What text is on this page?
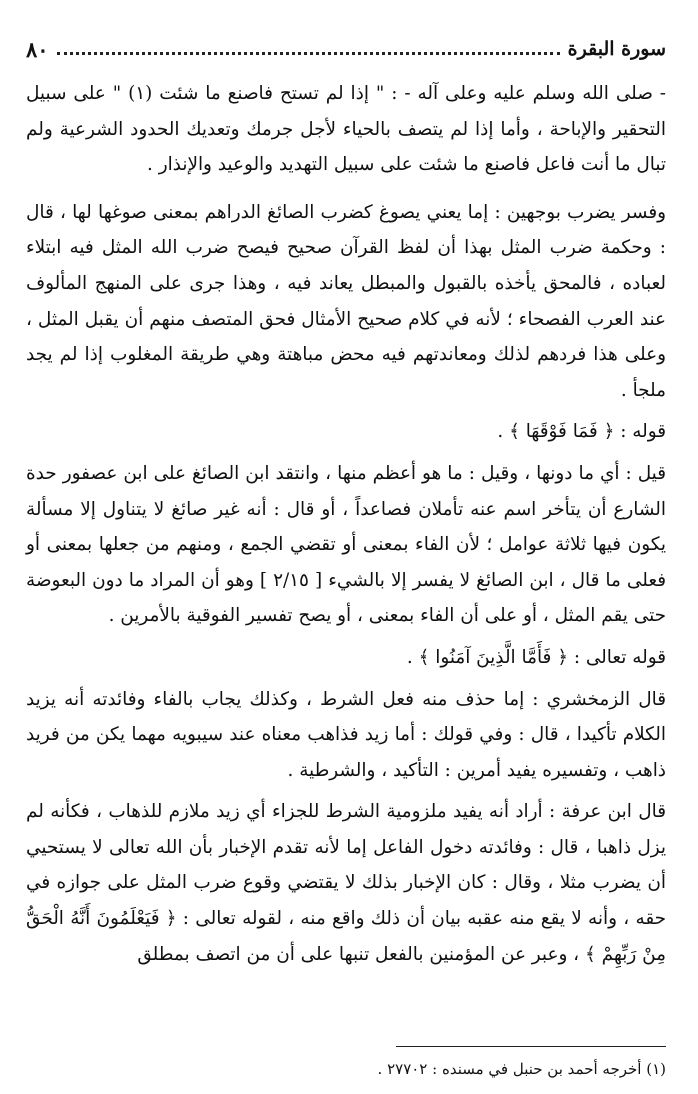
سورة البقرة
٨٠

- صلى الله وسلم عليه وعلى آله - : " إذا لم تستح فاصنع ما شئت (١) " على سبيل التحقير والإباحة ، وأما إذا لم يتصف بالحياء لأجل جرمك وتعديك الحدود الشرعية ولم تبال ما أنت فاعل فاصنع ما شئت على سبيل التهديد والوعيد والإنذار .

وفسر يضرب بوجهين : إما يعني يصوغ كضرب الصائغ الدراهم بمعنى صوغها لها ، قال : وحكمة ضرب المثل بهذا أن لفظ القرآن صحيح فيصح ضرب الله المثل فيه ابتلاء لعباده ، فالمحق يأخذه بالقبول والمبطل يعاند فيه ، وهذا جرى على المنهج المألوف عند العرب الفصحاء ؛ لأنه في كلام صحيح الأمثال فحق المتصف منهم أن يقبل المثل ، وعلى هذا فردهم لذلك ومعاندتهم فيه محض مباهتة وهي طريقة المغلوب إذا لم يجد ملجأ .

قوله : ﴿ فَمَا فَوْقَهَا ﴾ .

قيل : أي ما دونها ، وقيل : ما هو أعظم منها ، وانتقد ابن الصائغ على ابن عصفور حدة الشارع أن يتأخر اسم عنه تأملان فصاعداً ، أو قال : أنه غير صائغ لا يتناول إلا مسألة يكون فيها ثلاثة عوامل ؛ لأن الفاء بمعنى أو تقضي الجمع ، ومنهم من جعلها بمعنى أو فعلى ما قال ، ابن الصائغ لا يفسر إلا بالشيء [ ٢/١٥ ] وهو أن المراد ما دون البعوضة حتى يقم المثل ، أو على أن الفاء بمعنى ، أو يصح تفسير الفوقية بالأمرين .

قوله تعالى : ﴿ فَأَمَّا الَّذِينَ آمَنُوا ﴾ .

قال الزمخشري : إما حذف منه فعل الشرط ، وكذلك يجاب بالفاء وفائدته أنه يزيد الكلام تأكيدا ، قال : وفي قولك : أما زيد فذاهب معناه عند سيبويه مهما يكن من فريد ذاهب ، وتفسيره يفيد أمرين : التأكيد ، والشرطية .

قال ابن عرفة : أراد أنه يفيد ملزومية الشرط للجزاء أي زيد ملازم للذهاب ، فكأنه لم يزل ذاهبا ، قال : وفائدته دخول الفاعل إما لأنه تقدم الإخبار بأن الله تعالى لا يستحيي أن يضرب مثلا ، وقال : كان الإخبار بذلك لا يقتضي وقوع ضرب المثل على جوازه في حقه ، وأنه لا يقع منه عقبه بيان أن ذلك واقع منه ، لقوله تعالى : ﴿ فَيَعْلَمُونَ أَنَّهُ الْحَقُّ مِنْ رَبِّهِمْ ﴾ ، وعبر عن المؤمنين بالفعل تنبها على أن من اتصف بمطلق

(١) أخرجه أحمد بن حنبل في مسنده : ٢٧٧٠٢ .
